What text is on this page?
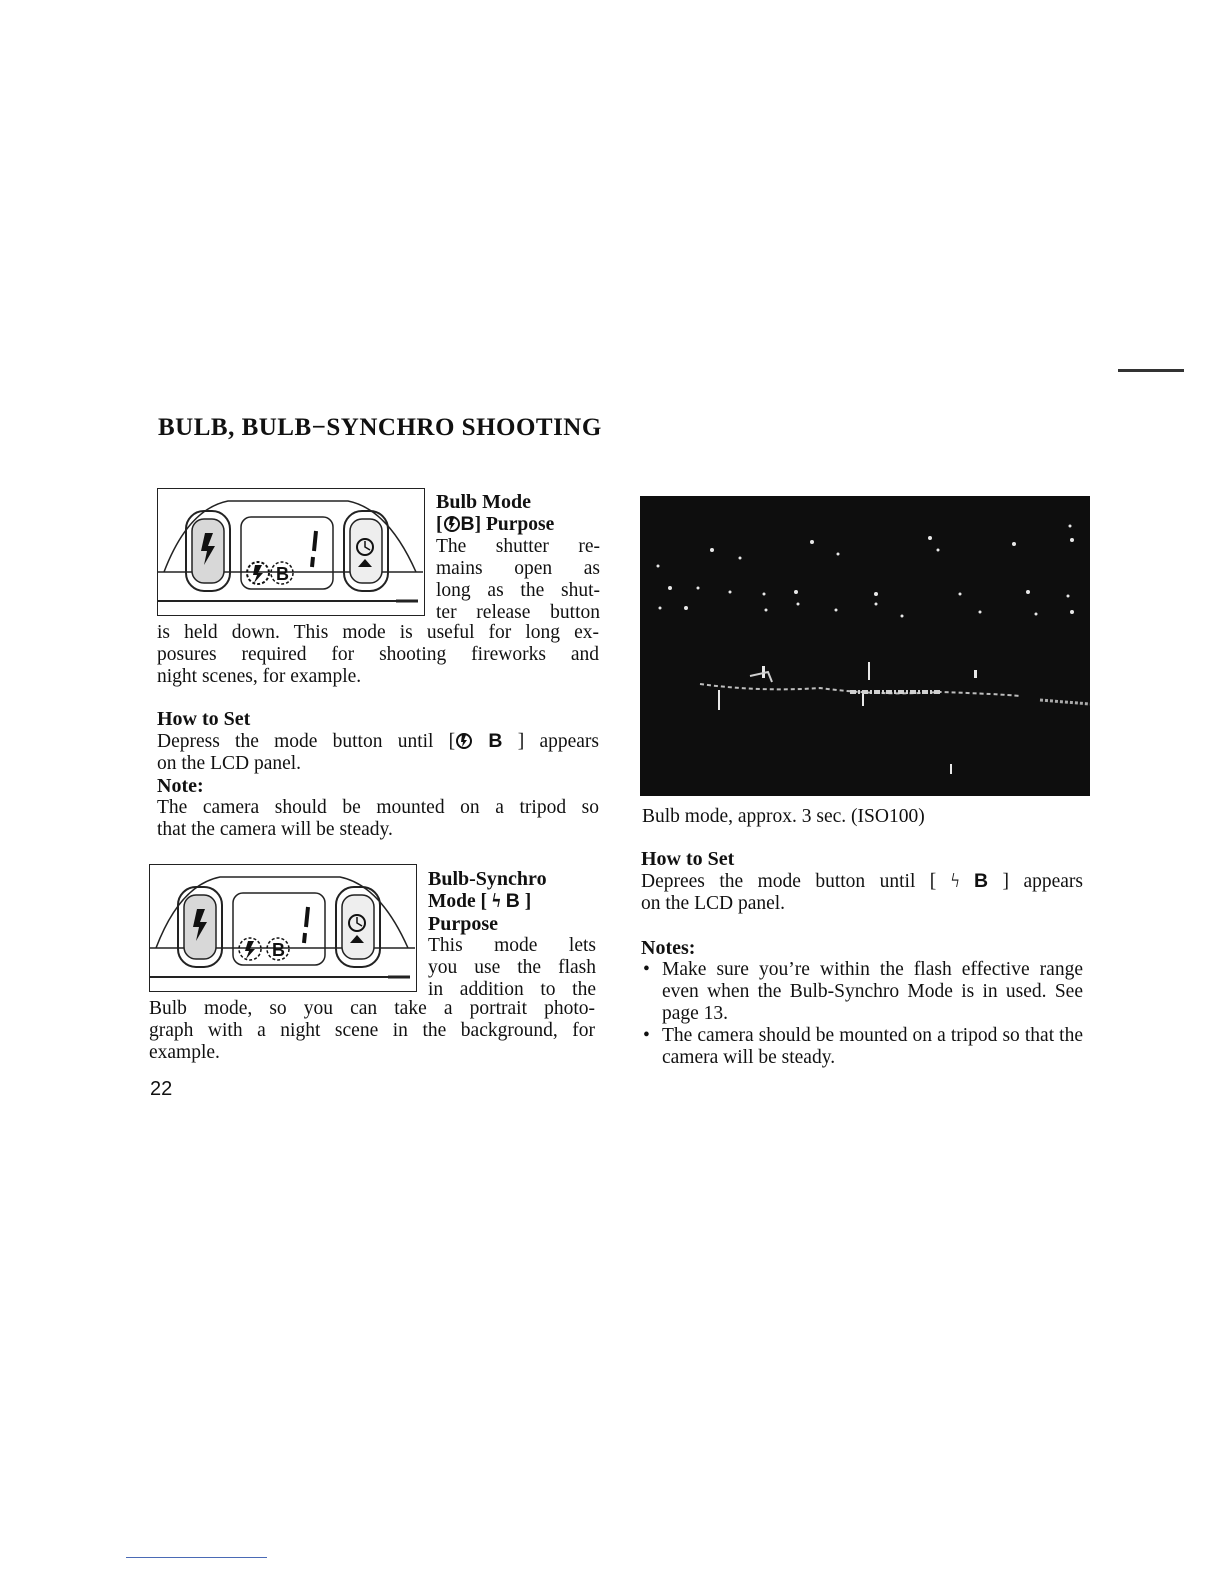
BULB, BULB−SYNCHRO SHOOTING
B

Bulb Mode

[ B] Purpose

The shutter re-

mains open as

long as the shut-

ter release button

is held down. This mode is useful for long ex-

posures required for shooting fireworks and

night scenes, for example.

How to Set

Depress the mode button until [ B ] appears

on the LCD panel.

Note:

The camera should be mounted on a tripod so

that the camera will be steady.

B

Bulb-Synchro

Mode [ ϟ B ]

Purpose

This mode lets

you use the flash

in addition to the

Bulb mode, so you can take a portrait photo-

graph with a night scene in the background, for

example.

22
Bulb mode, approx. 3 sec. (ISO100)

How to Set

Deprees the mode button until [ ϟ B ] appears

on the LCD panel.

Notes:

• Make sure you’re within the flash effective range even when the Bulb-Synchro Mode is in used. See page 13.
• The camera should be mounted on a tripod so that the camera will be steady.
